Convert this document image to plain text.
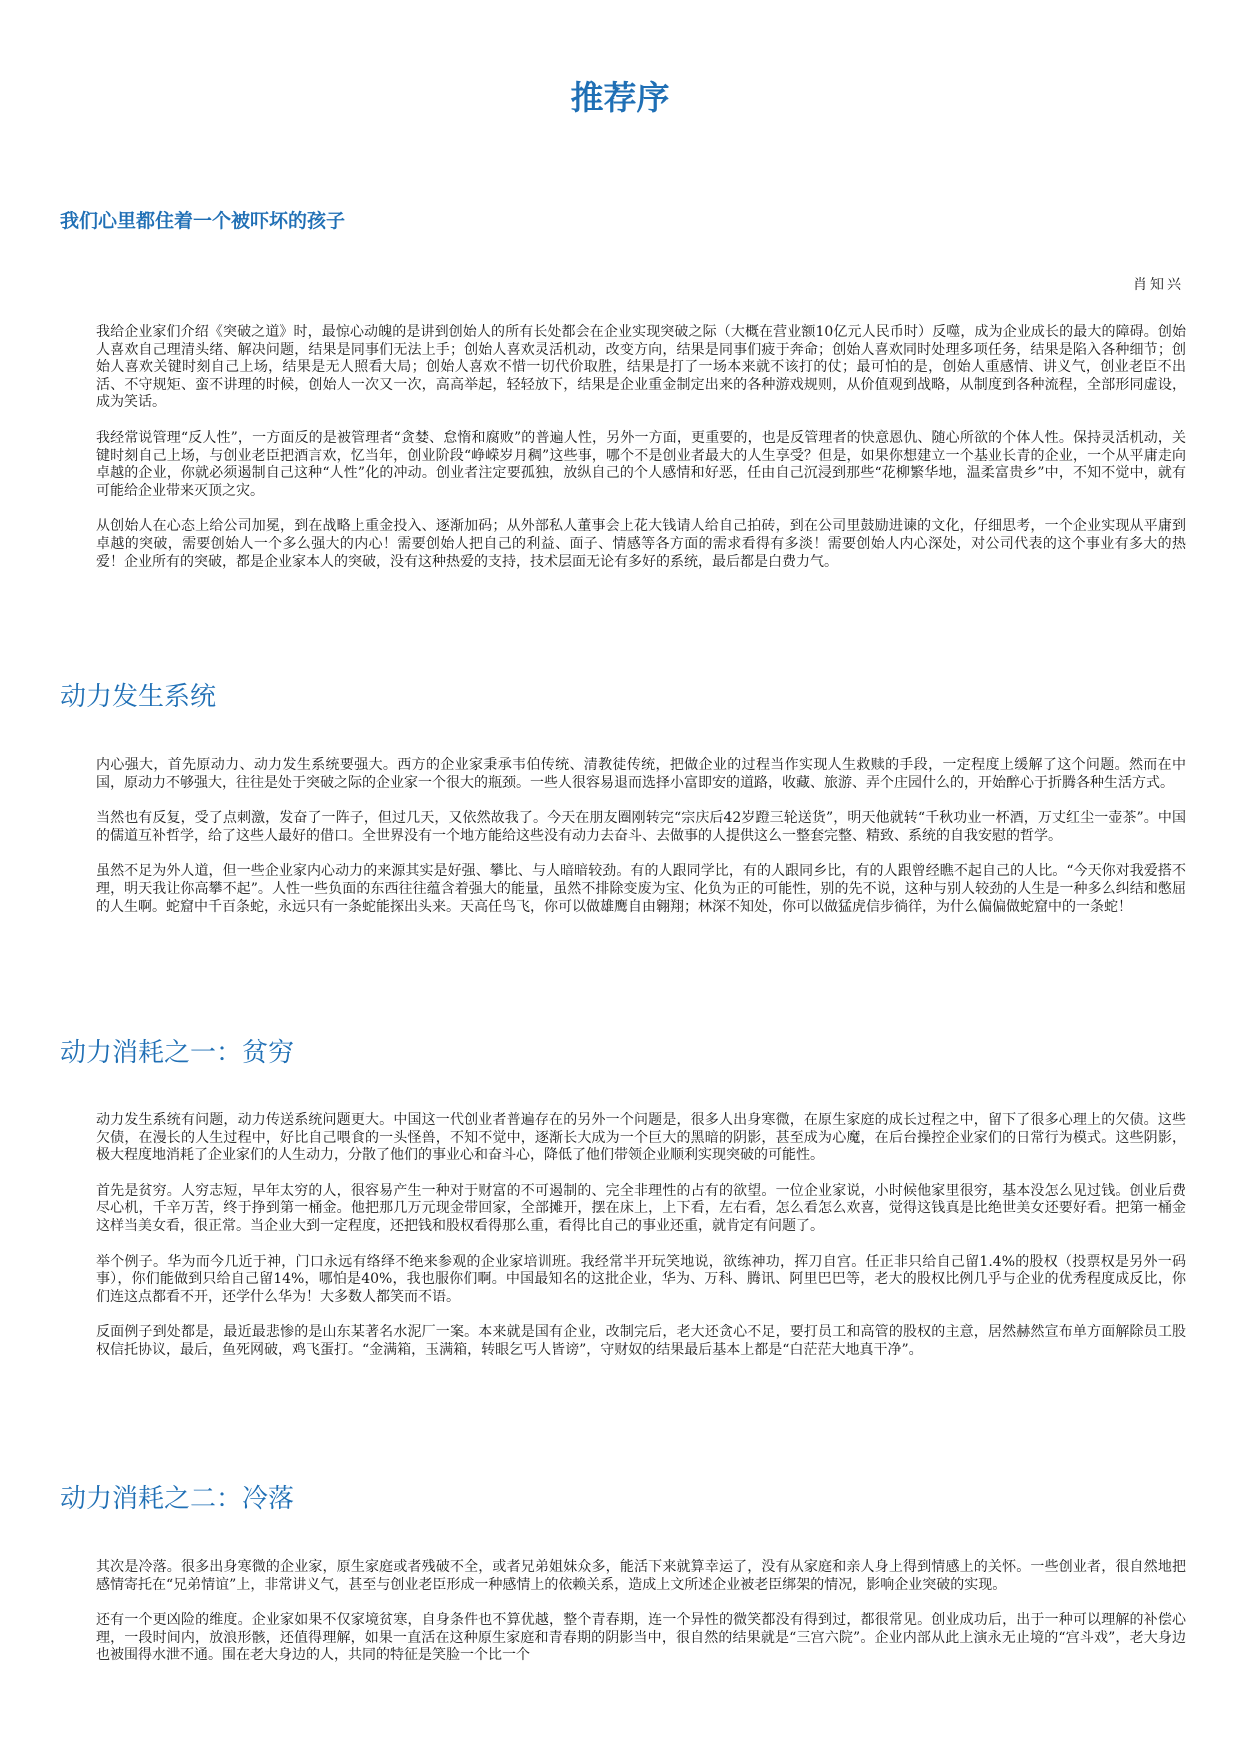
推荐序
我们心里都住着一个被吓坏的孩子

肖知兴

我给企业家们介绍《突破之道》时，最惊心动魄的是讲到创始人的所有长处都会在企业实现突破之际（大概在营业额10亿元人民币时）反噬，成为企业成长的最大的障碍。创始人喜欢自己理清头绪、解决问题，结果是同事们无法上手；创始人喜欢灵活机动，改变方向，结果是同事们疲于奔命；创始人喜欢同时处理多项任务，结果是陷入各种细节；创始人喜欢关键时刻自己上场，结果是无人照看大局；创始人喜欢不惜一切代价取胜，结果是打了一场本来就不该打的仗；最可怕的是，创始人重感情、讲义气，创业老臣不出活、不守规矩、蛮不讲理的时候，创始人一次又一次，高高举起，轻轻放下，结果是企业重金制定出来的各种游戏规则，从价值观到战略，从制度到各种流程，全部形同虚设，成为笑话。

我经常说管理“反人性”，一方面反的是被管理者“贪婪、怠惰和腐败”的普遍人性，另外一方面，更重要的，也是反管理者的快意恩仇、随心所欲的个体人性。保持灵活机动，关键时刻自己上场，与创业老臣把酒言欢，忆当年，创业阶段“峥嵘岁月稠”这些事，哪个不是创业者最大的人生享受？但是，如果你想建立一个基业长青的企业，一个从平庸走向卓越的企业，你就必须遏制自己这种“人性”化的冲动。创业者注定要孤独，放纵自己的个人感情和好恶，任由自己沉浸到那些“花柳繁华地，温柔富贵乡”中，不知不觉中，就有可能给企业带来灭顶之灾。

从创始人在心态上给公司加冕，到在战略上重金投入、逐渐加码；从外部私人董事会上花大钱请人给自己拍砖，到在公司里鼓励进谏的文化，仔细思考，一个企业实现从平庸到卓越的突破，需要创始人一个多么强大的内心！需要创始人把自己的利益、面子、情感等各方面的需求看得有多淡！需要创始人内心深处，对公司代表的这个事业有多大的热爱！企业所有的突破，都是企业家本人的突破，没有这种热爱的支持，技术层面无论有多好的系统，最后都是白费力气。

动力发生系统

内心强大，首先原动力、动力发生系统要强大。西方的企业家秉承韦伯传统、清教徒传统，把做企业的过程当作实现人生救赎的手段，一定程度上缓解了这个问题。然而在中国，原动力不够强大，往往是处于突破之际的企业家一个很大的瓶颈。一些人很容易退而选择小富即安的道路，收藏、旅游、弄个庄园什么的，开始醉心于折腾各种生活方式。

当然也有反复，受了点刺激，发奋了一阵子，但过几天，又依然故我了。今天在朋友圈刚转完“宗庆后42岁蹬三轮送货”，明天他就转“千秋功业一杯酒，万丈红尘一壶茶”。中国的儒道互补哲学，给了这些人最好的借口。全世界没有一个地方能给这些没有动力去奋斗、去做事的人提供这么一整套完整、精致、系统的自我安慰的哲学。

虽然不足为外人道，但一些企业家内心动力的来源其实是好强、攀比、与人暗暗较劲。有的人跟同学比，有的人跟同乡比，有的人跟曾经瞧不起自己的人比。“今天你对我爱搭不理，明天我让你高攀不起”。人性一些负面的东西往往蕴含着强大的能量，虽然不排除变废为宝、化负为正的可能性，别的先不说，这种与别人较劲的人生是一种多么纠结和憋屈的人生啊。蛇窟中千百条蛇，永远只有一条蛇能探出头来。天高任鸟飞，你可以做雄鹰自由翱翔；林深不知处，你可以做猛虎信步徜徉，为什么偏偏做蛇窟中的一条蛇！

动力消耗之一：贫穷

动力发生系统有问题，动力传送系统问题更大。中国这一代创业者普遍存在的另外一个问题是，很多人出身寒微，在原生家庭的成长过程之中，留下了很多心理上的欠债。这些欠债，在漫长的人生过程中，好比自己喂食的一头怪兽，不知不觉中，逐渐长大成为一个巨大的黑暗的阴影，甚至成为心魔，在后台操控企业家们的日常行为模式。这些阴影，极大程度地消耗了企业家们的人生动力，分散了他们的事业心和奋斗心，降低了他们带领企业顺利实现突破的可能性。

首先是贫穷。人穷志短，早年太穷的人，很容易产生一种对于财富的不可遏制的、完全非理性的占有的欲望。一位企业家说，小时候他家里很穷，基本没怎么见过钱。创业后费尽心机，千辛万苦，终于挣到第一桶金。他把那几万元现金带回家，全部摊开，摆在床上，上下看，左右看，怎么看怎么欢喜，觉得这钱真是比绝世美女还要好看。把第一桶金这样当美女看，很正常。当企业大到一定程度，还把钱和股权看得那么重，看得比自己的事业还重，就肯定有问题了。

举个例子。华为而今几近于神，门口永远有络绎不绝来参观的企业家培训班。我经常半开玩笑地说，欲练神功，挥刀自宫。任正非只给自己留1.4%的股权（投票权是另外一码事），你们能做到只给自己留14%，哪怕是40%，我也服你们啊。中国最知名的这批企业，华为、万科、腾讯、阿里巴巴等，老大的股权比例几乎与企业的优秀程度成反比，你们连这点都看不开，还学什么华为！大多数人都笑而不语。

反面例子到处都是，最近最悲惨的是山东某著名水泥厂一案。本来就是国有企业，改制完后，老大还贪心不足，要打员工和高管的股权的主意，居然赫然宣布单方面解除员工股权信托协议，最后，鱼死网破，鸡飞蛋打。“金满箱，玉满箱，转眼乞丐人皆谤”，守财奴的结果最后基本上都是“白茫茫大地真干净”。

动力消耗之二：冷落

其次是冷落。很多出身寒微的企业家，原生家庭或者残破不全，或者兄弟姐妹众多，能活下来就算幸运了，没有从家庭和亲人身上得到情感上的关怀。一些创业者，很自然地把感情寄托在“兄弟情谊”上，非常讲义气，甚至与创业老臣形成一种感情上的依赖关系，造成上文所述企业被老臣绑架的情况，影响企业突破的实现。

还有一个更凶险的维度。企业家如果不仅家境贫寒，自身条件也不算优越，整个青春期，连一个异性的微笑都没有得到过，都很常见。创业成功后，出于一种可以理解的补偿心理，一段时间内，放浪形骸，还值得理解，如果一直活在这种原生家庭和青春期的阴影当中，很自然的结果就是“三宫六院”。企业内部从此上演永无止境的“宫斗戏”，老大身边也被围得水泄不通。围在老大身边的人，共同的特征是笑脸一个比一个
